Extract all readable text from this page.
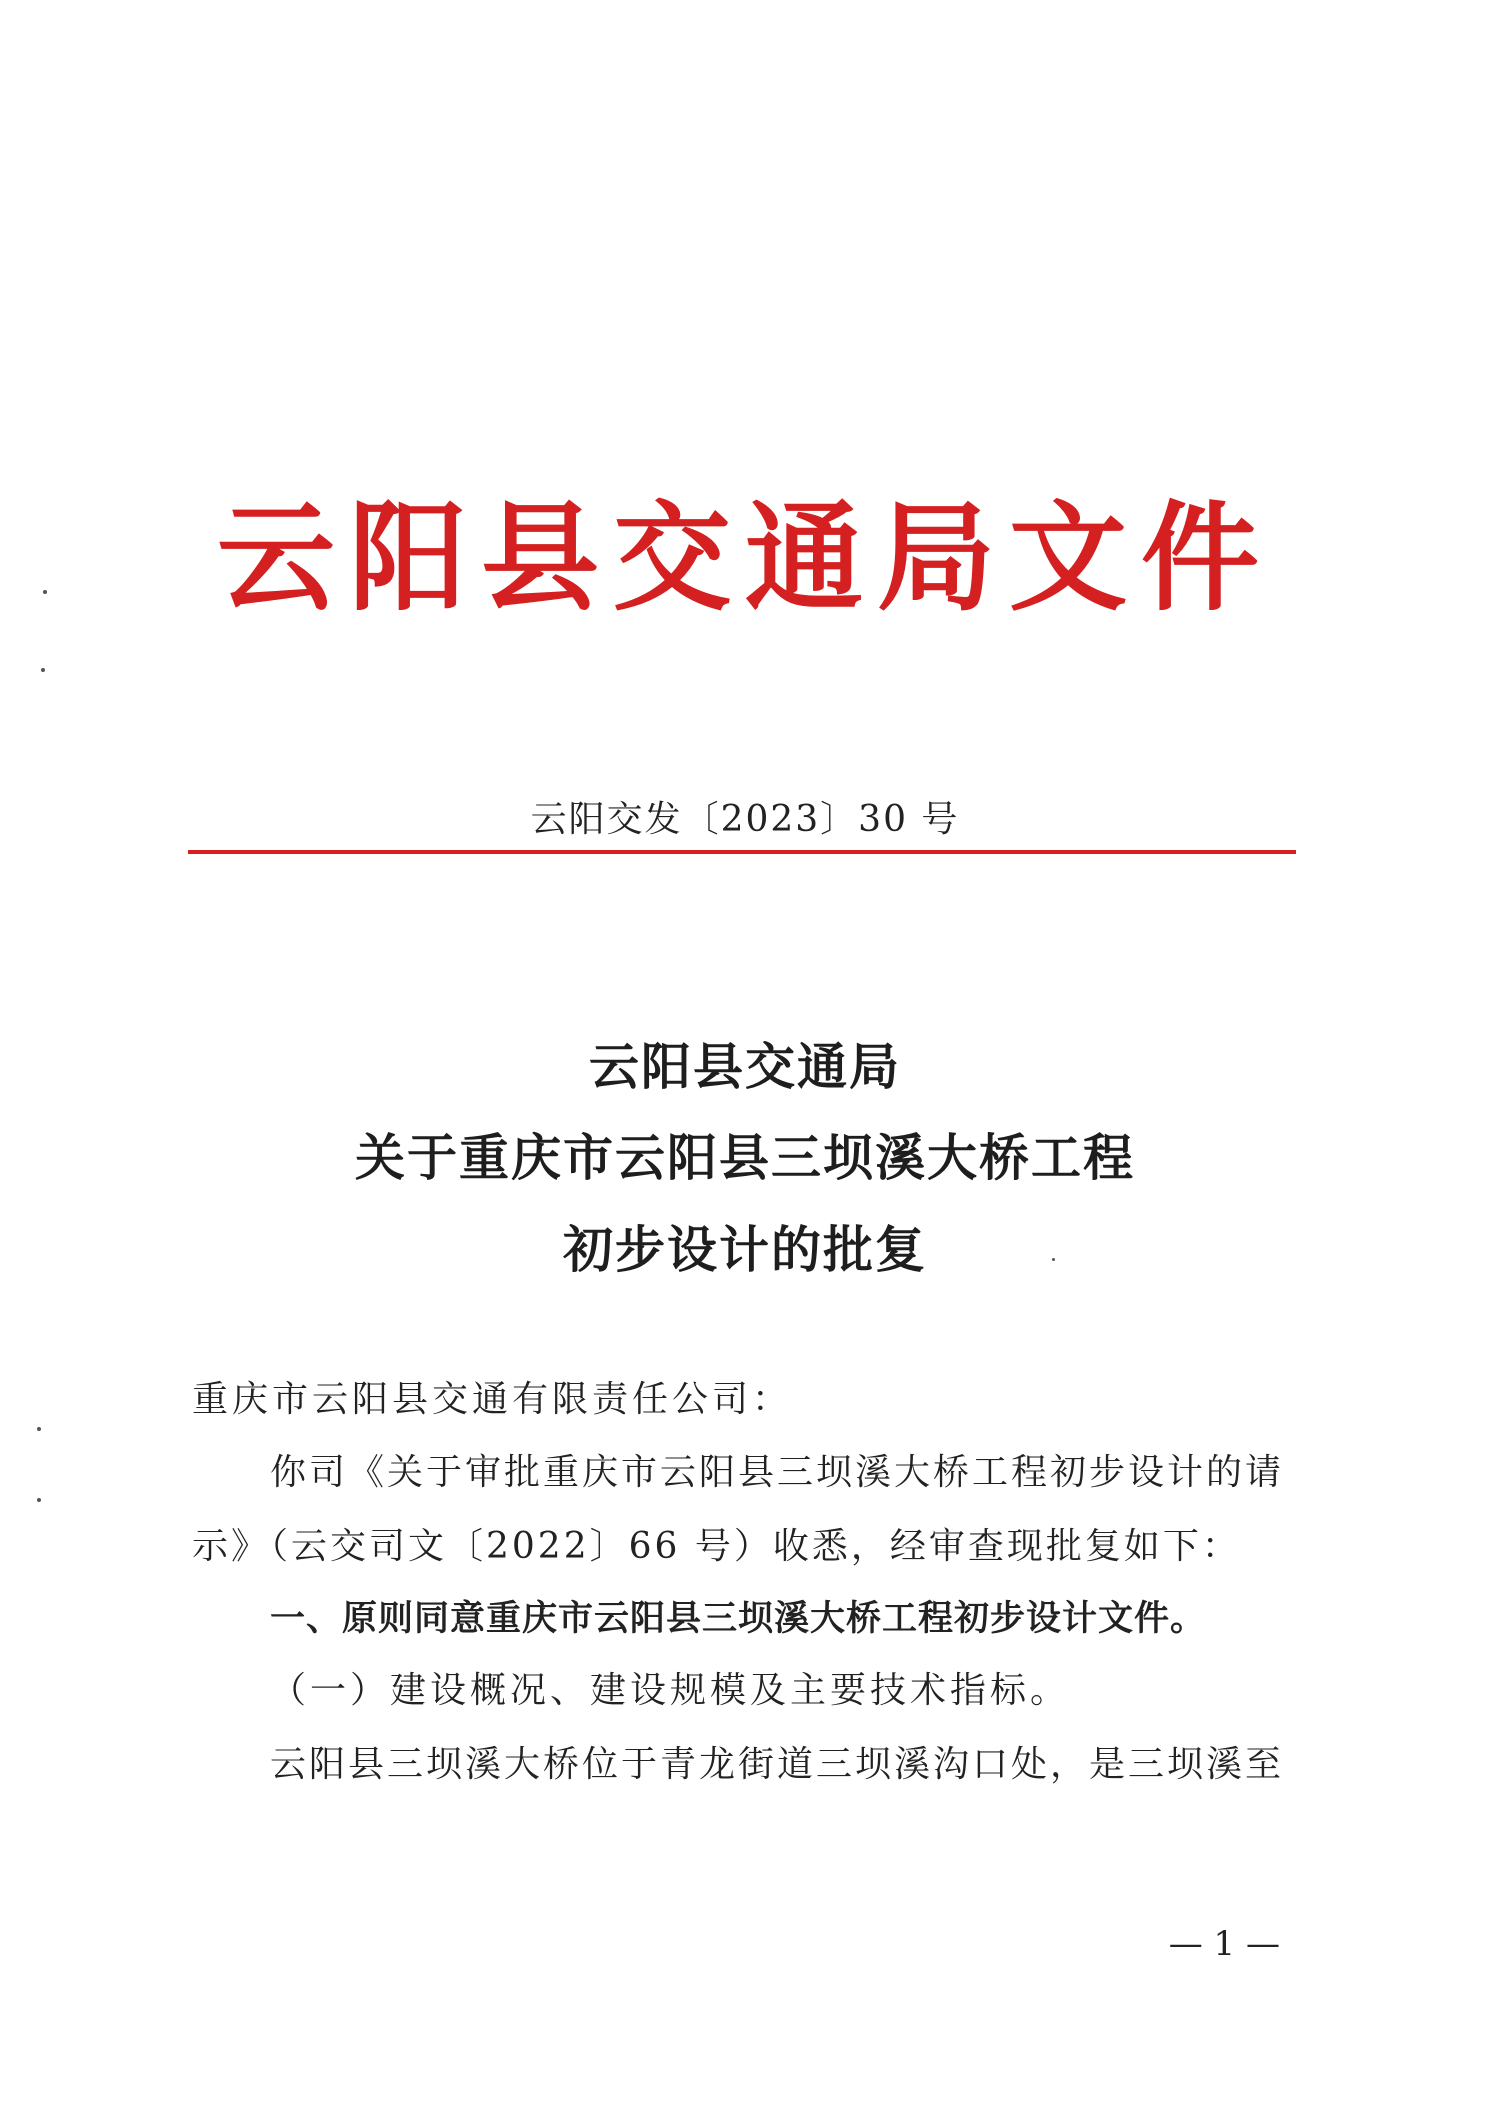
云阳县交通局文件
云阳交发〔2023〕30 号
云阳县交通局
关于重庆市云阳县三坝溪大桥工程
初步设计的批复
重庆市云阳县交通有限责任公司：
你司《关于审批重庆市云阳县三坝溪大桥工程初步设计的请
示》（云交司文〔2022〕66 号）收悉，经审查现批复如下：
一、原则同意重庆市云阳县三坝溪大桥工程初步设计文件。
（一）建设概况、建设规模及主要技术指标。
云阳县三坝溪大桥位于青龙街道三坝溪沟口处，是三坝溪至
— 1 —
